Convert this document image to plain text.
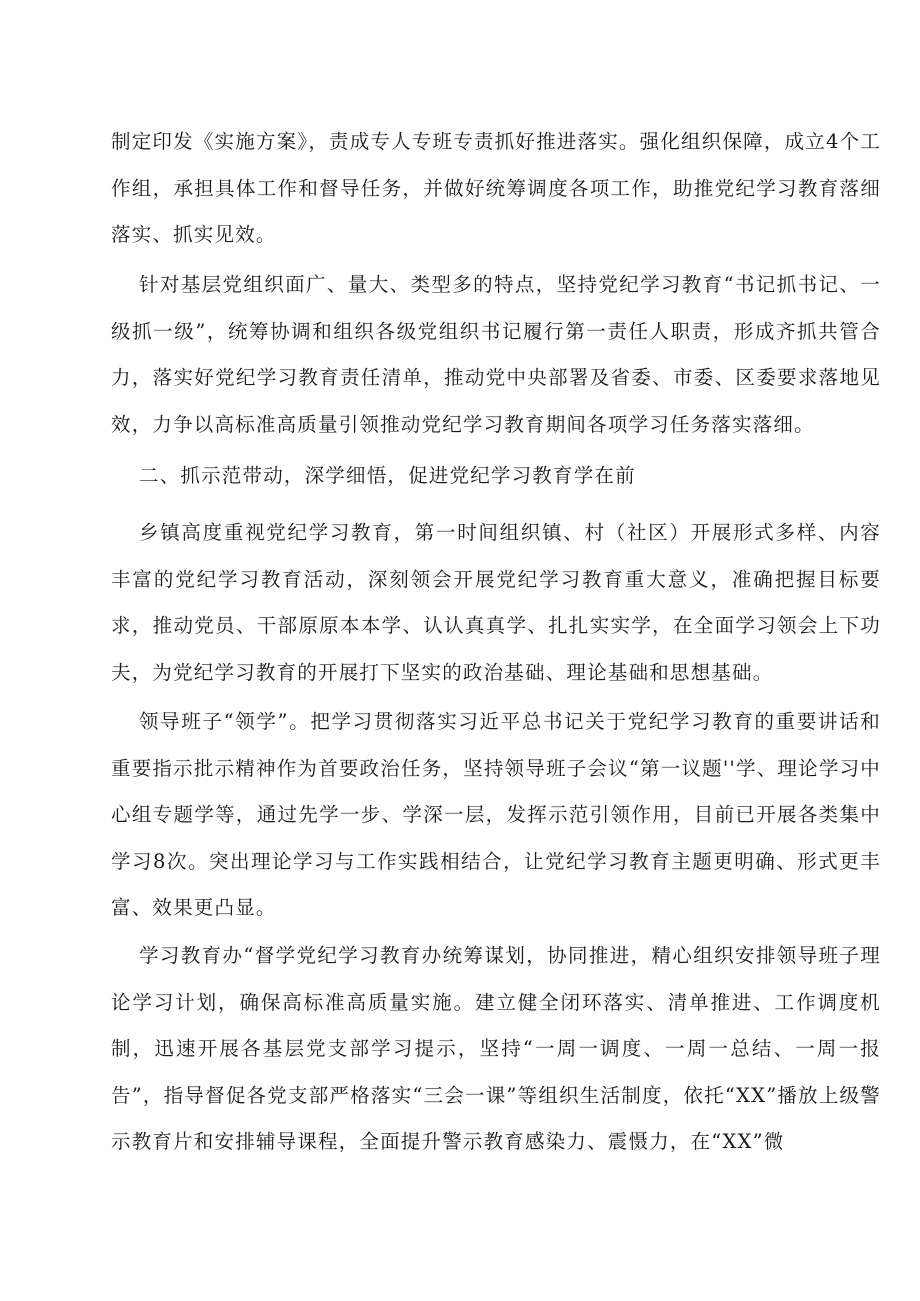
制定印发《实施方案》，责成专人专班专责抓好推进落实。强化组织保障，成立4个工作组，承担具体工作和督导任务，并做好统筹调度各项工作，助推党纪学习教育落细落实、抓实见效。

针对基层党组织面广、量大、类型多的特点，坚持党纪学习教育“书记抓书记、一级抓一级”，统筹协调和组织各级党组织书记履行第一责任人职责，形成齐抓共管合力，落实好党纪学习教育责任清单，推动党中央部署及省委、市委、区委要求落地见效，力争以高标准高质量引领推动党纪学习教育期间各项学习任务落实落细。

二、抓示范带动，深学细悟，促进党纪学习教育学在前

乡镇高度重视党纪学习教育，第一时间组织镇、村（社区）开展形式多样、内容丰富的党纪学习教育活动，深刻领会开展党纪学习教育重大意义，准确把握目标要求，推动党员、干部原原本本学、认认真真学、扎扎实实学，在全面学习领会上下功夫，为党纪学习教育的开展打下坚实的政治基础、理论基础和思想基础。

领导班子“领学”。把学习贯彻落实习近平总书记关于党纪学习教育的重要讲话和重要指示批示精神作为首要政治任务，坚持领导班子会议“第一议题''学、理论学习中心组专题学等，通过先学一步、学深一层，发挥示范引领作用，目前已开展各类集中学习8次。突出理论学习与工作实践相结合，让党纪学习教育主题更明确、形式更丰富、效果更凸显。

学习教育办“督学党纪学习教育办统筹谋划，协同推进，精心组织安排领导班子理论学习计划，确保高标准高质量实施。建立健全闭环落实、清单推进、工作调度机制，迅速开展各基层党支部学习提示，坚持“一周一调度、一周一总结、一周一报告”，指导督促各党支部严格落实“三会一课”等组织生活制度，依托“XX”播放上级警示教育片和安排辅导课程，全面提升警示教育感染力、震慑力，在“XX”微
